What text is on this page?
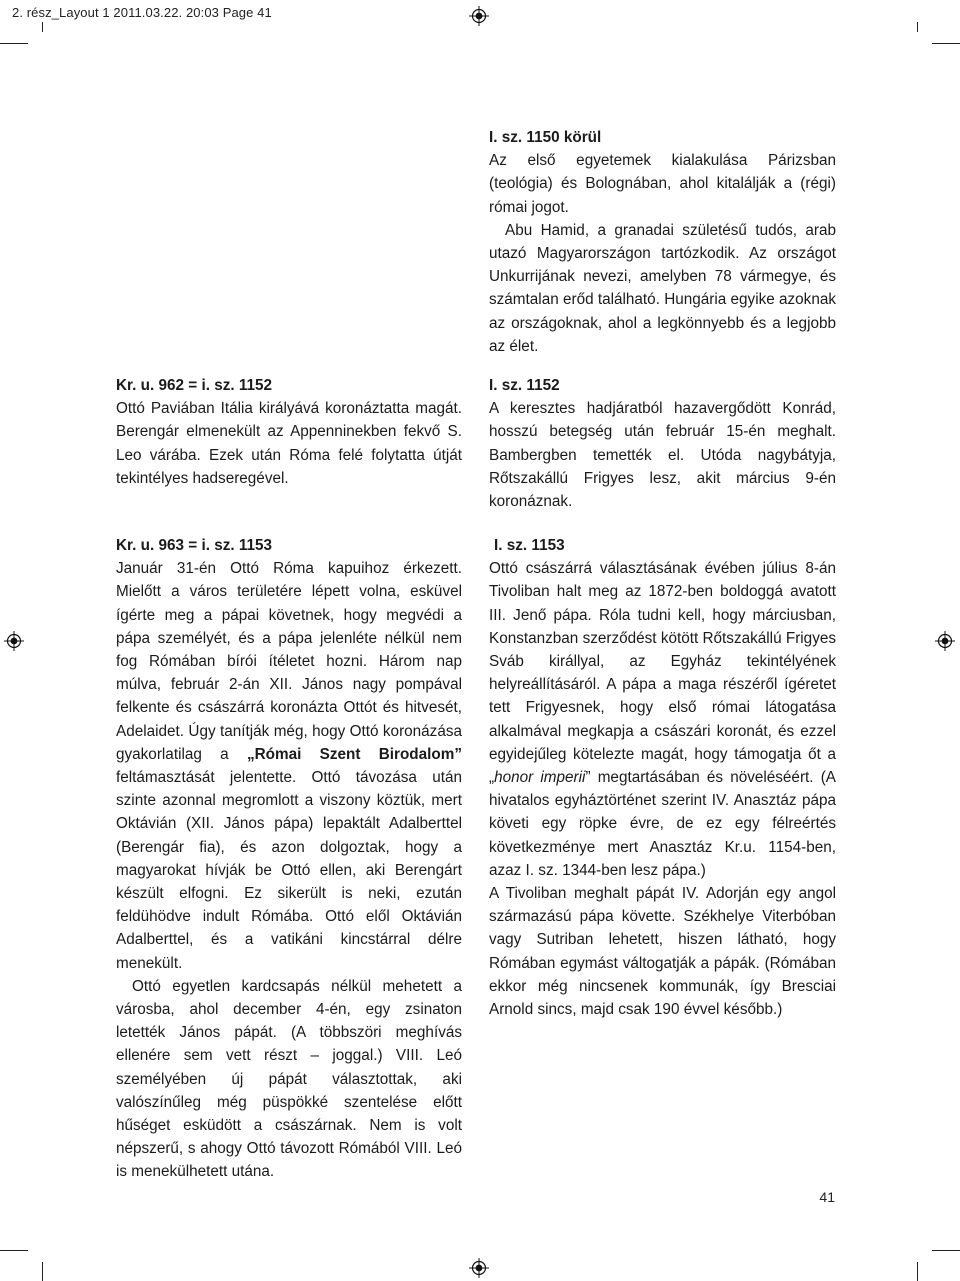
2. rész_Layout 1 2011.03.22. 20:03 Page 41

I. sz. 1150 körül

Az első egyetemek kialakulása Párizsban (teológia) és Bolognában, ahol kitalálják a (régi) római jogot.

Abu Hamid, a granadai születésű tudós, arab utazó Magyarországon tartózkodik. Az országot Unkurrijának nevezi, amelyben 78 vármegye, és számtalan erőd található. Hungária egyike azoknak az országoknak, ahol a legkönnyebb és a legjobb az élet.

Kr. u. 962 = i. sz. 1152

Ottó Paviában Itália királyává koronáztatta magát. Berengár elmenekült az Appenninekben fekvő S. Leo várába. Ezek után Róma felé folytatta útját tekintélyes hadseregével.

I. sz. 1152

A keresztes hadjáratból hazavergődött Konrád, hosszú betegség után február 15-én meghalt. Bambergben temették el. Utóda nagybátyja, Rőtszakállú Frigyes lesz, akit március 9-én koronáznak.

Kr. u. 963 = i. sz. 1153

Január 31-én Ottó Róma kapuihoz érkezett. Mielőtt a város területére lépett volna, esküvel ígérte meg a pápai követnek, hogy megvédi a pápa személyét, és a pápa jelenléte nélkül nem fog Rómában bírói ítéletet hozni. Három nap múlva, február 2-án XII. János nagy pompával felkente és császárrá koronázta Ottót és hitvesét, Adelaidet. Úgy tanítják még, hogy Ottó koronázása gyakorlatilag a „Római Szent Birodalom” feltámasztását jelentette. Ottó távozása után szinte azonnal megromlott a viszony köztük, mert Oktávián (XII. János pápa) lepaktált Adalberttel (Berengár fia), és azon dolgoztak, hogy a magyarokat hívják be Ottó ellen, aki Berengárt készült elfogni. Ez sikerült is neki, ezután feldühödve indult Rómába. Ottó elől Oktávián Adalberttel, és a vatikáni kincstárral délre menekült.

Ottó egyetlen kardcsapás nélkül mehetett a városba, ahol december 4-én, egy zsinaton letették János pápát. (A többszöri meghívás ellenére sem vett részt – joggal.) VIII. Leó személyében új pápát választottak, aki valószínűleg még püspökké szentelése előtt hűséget esküdött a császárnak. Nem is volt népszerű, s ahogy Ottó távozott Rómából VIII. Leó is menekülhetett utána.

I. sz. 1153

Ottó császárrá választásának évében július 8-án Tivoliban halt meg az 1872-ben boldoggá avatott III. Jenő pápa. Róla tudni kell, hogy márciusban, Konstanzban szerződést kötött Rőtszakállú Frigyes Sváb királlyal, az Egyház tekintélyének helyreállításáról. A pápa a maga részéről ígéretet tett Frigyesnek, hogy első római látogatása alkalmával megkapja a császári koronát, és ezzel egyidejűleg kötelezte magát, hogy támogatja őt a „honor imperii” megtartásában és növeléséért. (A hivatalos egyháztörténet szerint IV. Anasztáz pápa követi egy röpke évre, de ez egy félreértés következménye mert Anasztáz Kr.u. 1154-ben, azaz I. sz. 1344-ben lesz pápa.)

A Tivoliban meghalt pápát IV. Adorján egy angol származású pápa követte. Székhelye Viterbóban vagy Sutriban lehetett, hiszen látható, hogy Rómában egymást váltogatják a pápák. (Rómában ekkor még nincsenek kommunák, így Bresciai Arnold sincs, majd csak 190 évvel később.)

41
